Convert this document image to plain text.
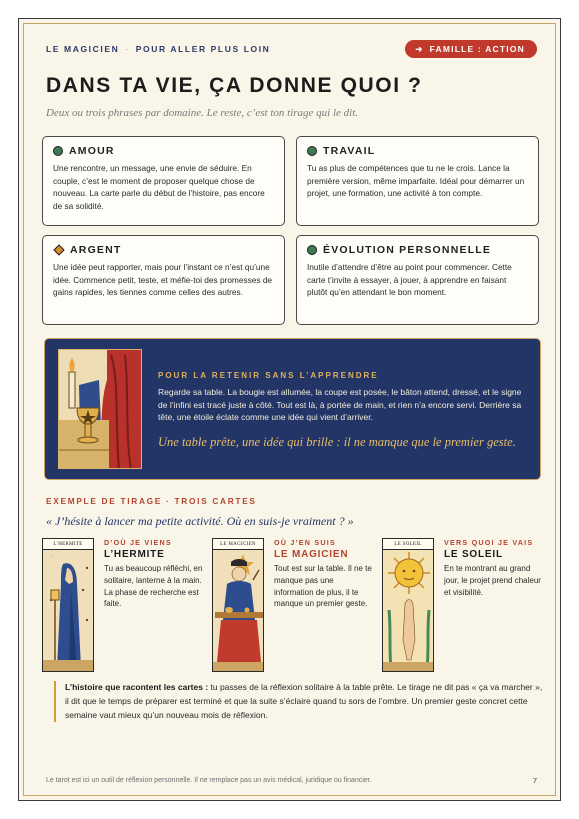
LE MAGICIEN · POUR ALLER PLUS LOIN	➜ FAMILLE : ACTION
DANS TA VIE, ÇA DONNE QUOI ?
Deux ou trois phrases par domaine. Le reste, c’est ton tirage qui le dit.
AMOUR
Une rencontre, un message, une envie de séduire. En couple, c’est le moment de proposer quelque chose de nouveau. La carte parle du début de l’histoire, pas encore de sa solidité.
TRAVAIL
Tu as plus de compétences que tu ne le crois. Lance la première version, même imparfaite. Idéal pour démarrer un projet, une formation, une activité à ton compte.
ARGENT
Une idée peut rapporter, mais pour l’instant ce n’est qu’une idée. Commence petit, teste, et méfie-toi des promesses de gains rapides, les tiennes comme celles des autres.
ÉVOLUTION PERSONNELLE
Inutile d’attendre d’être au point pour commencer. Cette carte t’invite à essayer, à jouer, à apprendre en faisant plutôt qu’en attendant le bon moment.
POUR LA RETENIR SANS L’APPRENDRE
Regarde sa table. La bougie est allumée, la coupe est posée, le bâton attend, dressé, et le signe de l’infini est tracé juste à côté. Tout est là, à portée de main, et rien n’a encore servi. Derrière sa tête, une étoile éclate comme une idée qui vient d’arriver.
Une table prête, une idée qui brille : il ne manque que le premier geste.
EXEMPLE DE TIRAGE · TROIS CARTES
« J’hésite à lancer ma petite activité. Où en suis-je vraiment ? »
L’HERMITE	D’OÙ JE VIENS
L’HERMITE
Tu as beaucoup réfléchi, en solitaire, lanterne à la main. La phase de recherche est faite.
LE MAGICIEN	OÙ J’EN SUIS
LE MAGICIEN
Tout est sur la table. Il ne te manque pas une information de plus, il te manque un premier geste.
LE SOLEIL	VERS QUOI JE VAIS
LE SOLEIL
En te montrant au grand jour, le projet prend chaleur et visibilité.
L’histoire que racontent les cartes : tu passes de la réflexion solitaire à la table prête. Le tirage ne dit pas « ça va marcher », il dit que le temps de préparer est terminé et que la suite s’éclaire quand tu sors de l’ombre. Un premier geste concret cette semaine vaut mieux qu’un nouveau mois de réflexion.
Le tarot est ici un outil de réflexion personnelle. Il ne remplace pas un avis médical, juridique ou financier.	7
